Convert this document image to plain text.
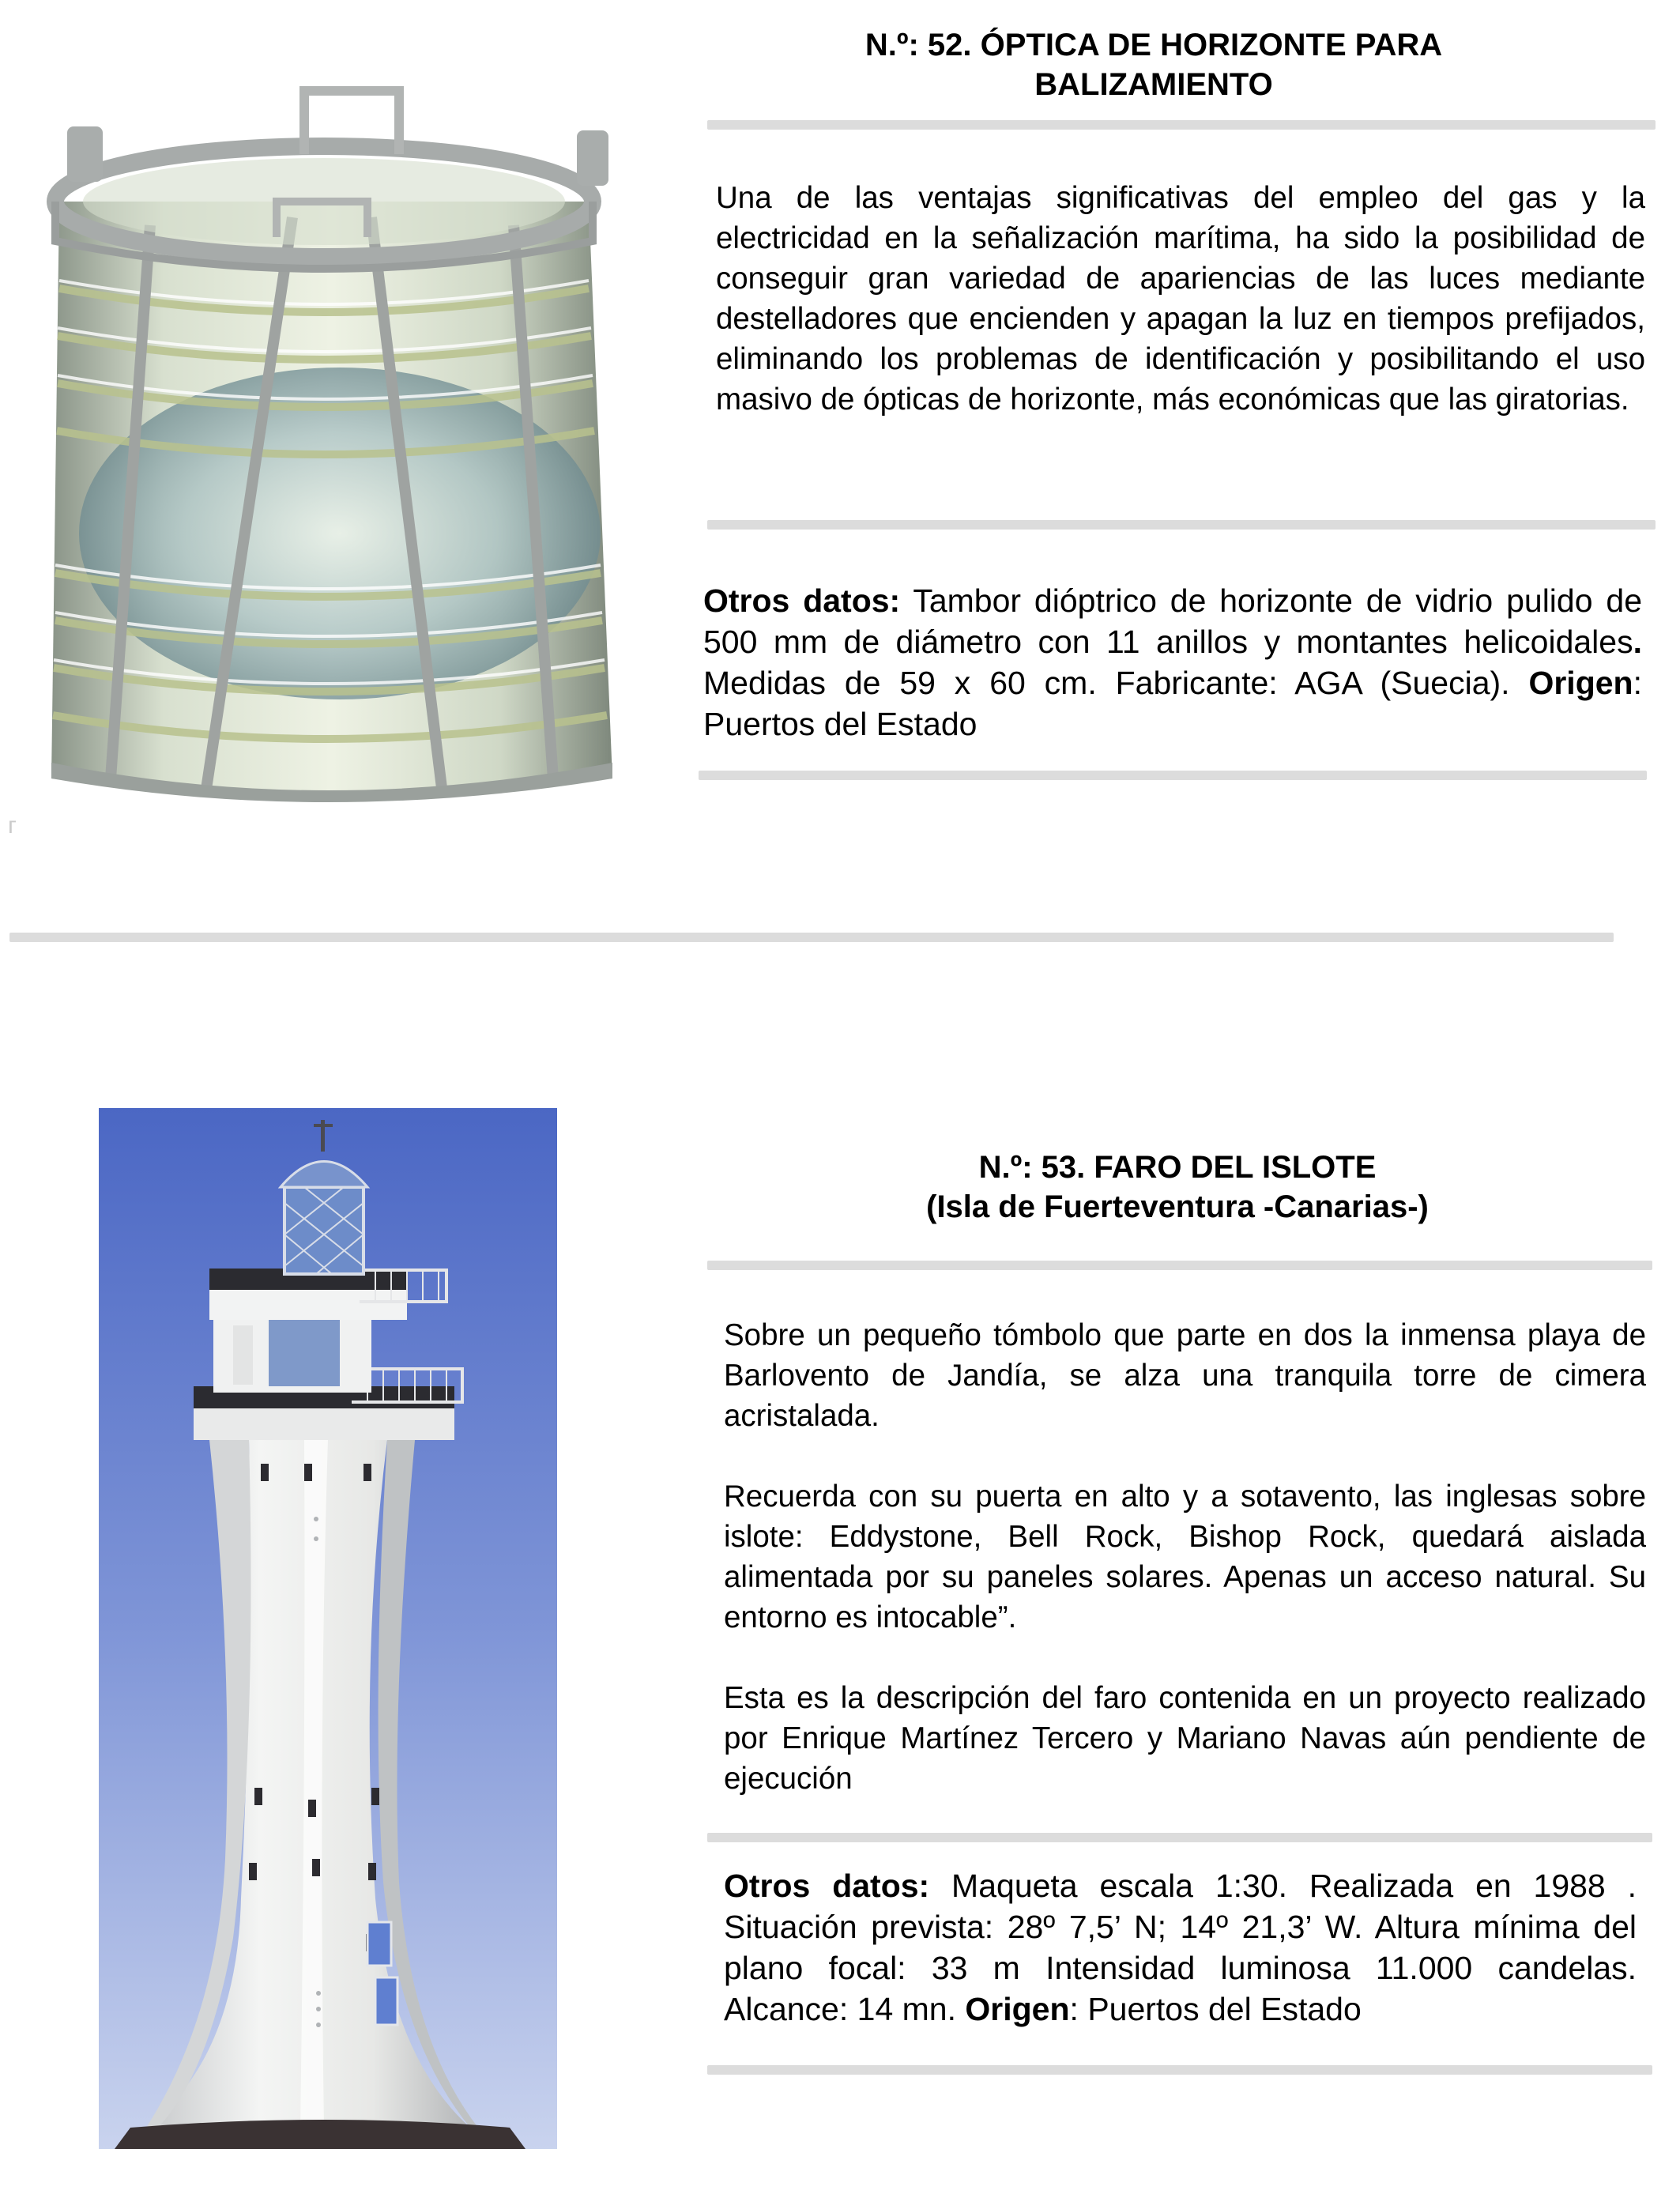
ᴦ
N.º: 52. ÓPTICA DE HORIZONTE PARA
BALIZAMIENTO
Una de las ventajas significativas del empleo del gas y la electricidad en la señalización marítima, ha sido la posibilidad de conseguir gran variedad de apariencias de las luces mediante destelladores que encienden y apagan la luz en tiempos prefijados, eliminando los problemas de identificación y posibilitando el uso masivo de ópticas de horizonte, más económicas que las giratorias.
Otros datos: Tambor dióptrico de horizonte de vidrio pulido de 500 mm de diámetro con 11 anillos y montantes helicoidales. Medidas de 59 x 60 cm. Fabricante: AGA (Suecia). Origen: Puertos del Estado
N.º: 53. FARO DEL ISLOTE
(Isla de Fuerteventura -Canarias-)

Sobre un pequeño tómbolo que parte en dos la inmensa playa de Barlovento de Jandía, se alza una tranquila torre de cimera acristalada.

Recuerda con su puerta en alto y a sotavento, las inglesas sobre islote: Eddystone, Bell Rock, Bishop Rock, quedará aislada alimentada por su paneles solares. Apenas un acceso natural. Su entorno es intocable”.

Esta es la descripción del faro contenida en un proyecto realizado por Enrique Martínez Tercero y Mariano Navas aún pendiente de ejecución

Otros datos: Maqueta escala 1:30. Realizada en 1988 . Situación prevista: 28º 7,5’ N; 14º 21,3’ W. Altura mínima del plano focal: 33 m Intensidad luminosa 11.000 candelas. Alcance: 14 mn. Origen: Puertos del Estado
